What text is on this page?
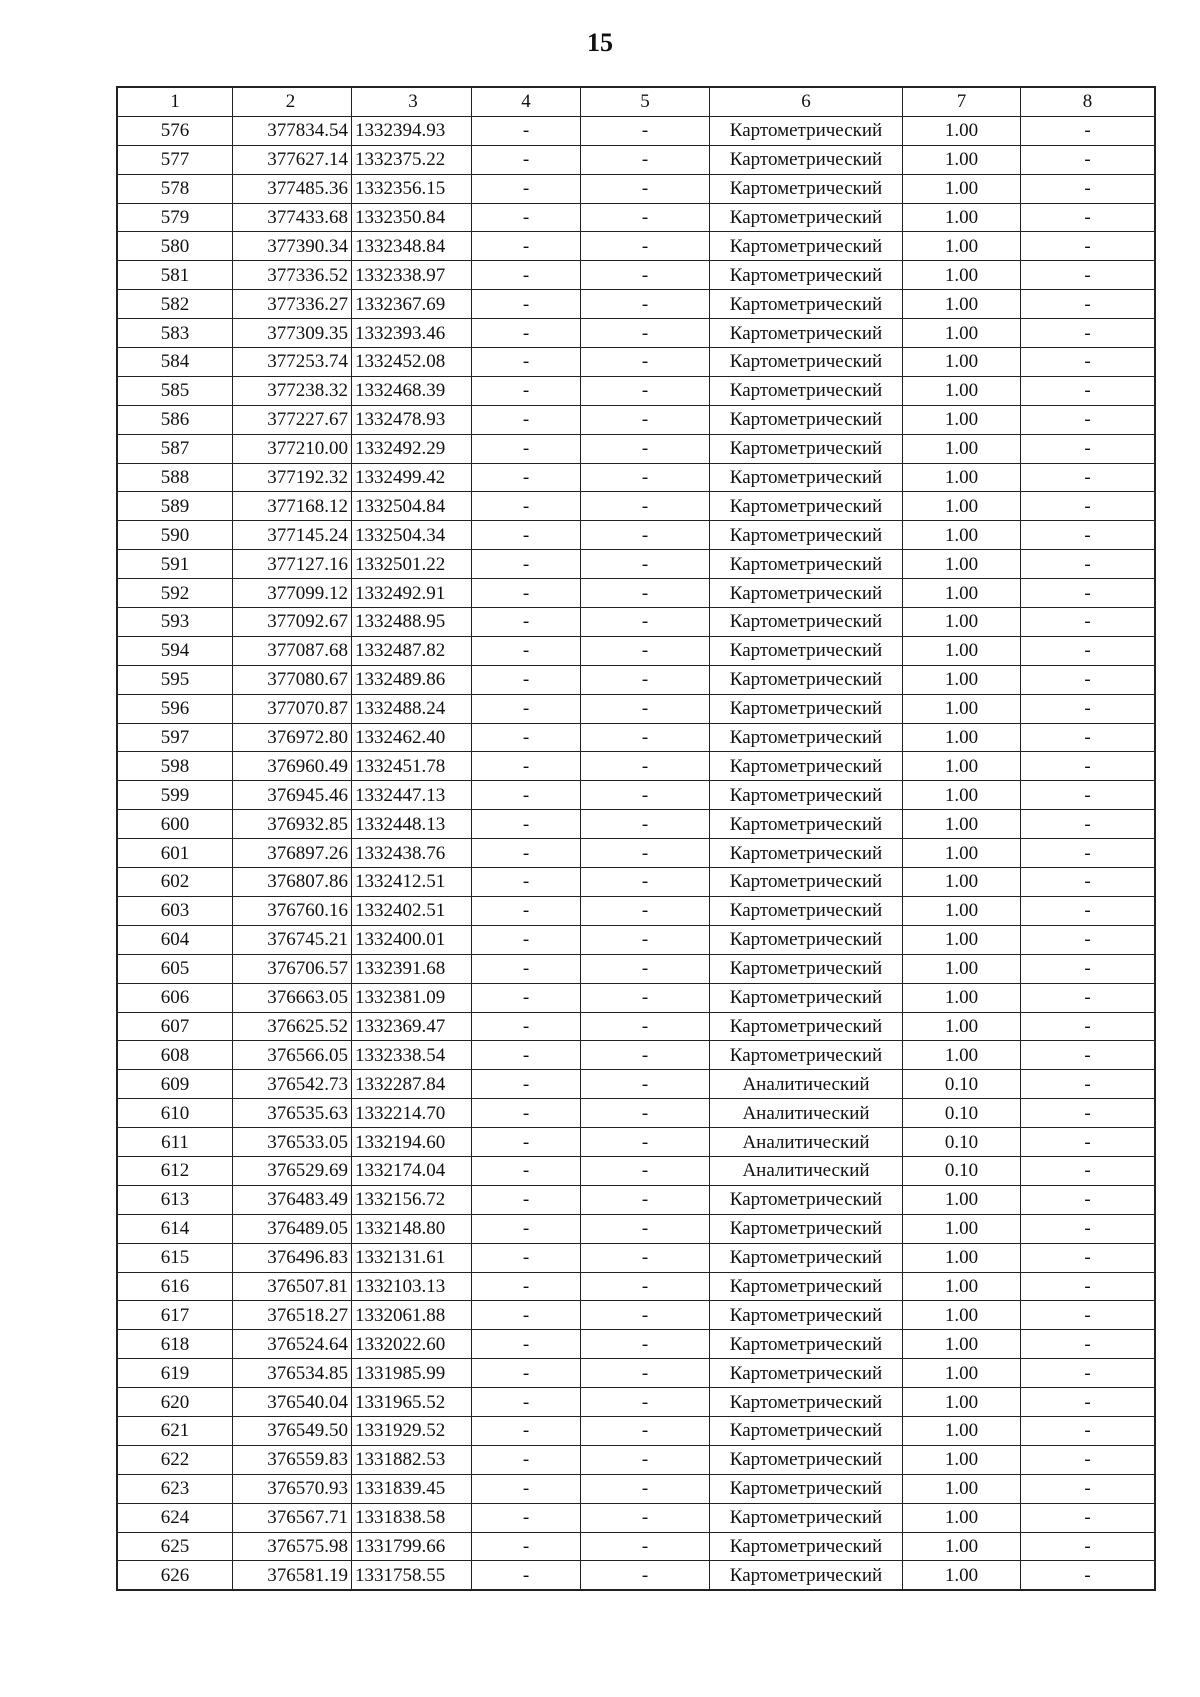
15
1	2	3	4	5	6	7	8
576	377834.54	1332394.93	-	-	Картометрический	1.00	-
577	377627.14	1332375.22	-	-	Картометрический	1.00	-
578	377485.36	1332356.15	-	-	Картометрический	1.00	-
579	377433.68	1332350.84	-	-	Картометрический	1.00	-
580	377390.34	1332348.84	-	-	Картометрический	1.00	-
581	377336.52	1332338.97	-	-	Картометрический	1.00	-
582	377336.27	1332367.69	-	-	Картометрический	1.00	-
583	377309.35	1332393.46	-	-	Картометрический	1.00	-
584	377253.74	1332452.08	-	-	Картометрический	1.00	-
585	377238.32	1332468.39	-	-	Картометрический	1.00	-
586	377227.67	1332478.93	-	-	Картометрический	1.00	-
587	377210.00	1332492.29	-	-	Картометрический	1.00	-
588	377192.32	1332499.42	-	-	Картометрический	1.00	-
589	377168.12	1332504.84	-	-	Картометрический	1.00	-
590	377145.24	1332504.34	-	-	Картометрический	1.00	-
591	377127.16	1332501.22	-	-	Картометрический	1.00	-
592	377099.12	1332492.91	-	-	Картометрический	1.00	-
593	377092.67	1332488.95	-	-	Картометрический	1.00	-
594	377087.68	1332487.82	-	-	Картометрический	1.00	-
595	377080.67	1332489.86	-	-	Картометрический	1.00	-
596	377070.87	1332488.24	-	-	Картометрический	1.00	-
597	376972.80	1332462.40	-	-	Картометрический	1.00	-
598	376960.49	1332451.78	-	-	Картометрический	1.00	-
599	376945.46	1332447.13	-	-	Картометрический	1.00	-
600	376932.85	1332448.13	-	-	Картометрический	1.00	-
601	376897.26	1332438.76	-	-	Картометрический	1.00	-
602	376807.86	1332412.51	-	-	Картометрический	1.00	-
603	376760.16	1332402.51	-	-	Картометрический	1.00	-
604	376745.21	1332400.01	-	-	Картометрический	1.00	-
605	376706.57	1332391.68	-	-	Картометрический	1.00	-
606	376663.05	1332381.09	-	-	Картометрический	1.00	-
607	376625.52	1332369.47	-	-	Картометрический	1.00	-
608	376566.05	1332338.54	-	-	Картометрический	1.00	-
609	376542.73	1332287.84	-	-	Аналитический	0.10	-
610	376535.63	1332214.70	-	-	Аналитический	0.10	-
611	376533.05	1332194.60	-	-	Аналитический	0.10	-
612	376529.69	1332174.04	-	-	Аналитический	0.10	-
613	376483.49	1332156.72	-	-	Картометрический	1.00	-
614	376489.05	1332148.80	-	-	Картометрический	1.00	-
615	376496.83	1332131.61	-	-	Картометрический	1.00	-
616	376507.81	1332103.13	-	-	Картометрический	1.00	-
617	376518.27	1332061.88	-	-	Картометрический	1.00	-
618	376524.64	1332022.60	-	-	Картометрический	1.00	-
619	376534.85	1331985.99	-	-	Картометрический	1.00	-
620	376540.04	1331965.52	-	-	Картометрический	1.00	-
621	376549.50	1331929.52	-	-	Картометрический	1.00	-
622	376559.83	1331882.53	-	-	Картометрический	1.00	-
623	376570.93	1331839.45	-	-	Картометрический	1.00	-
624	376567.71	1331838.58	-	-	Картометрический	1.00	-
625	376575.98	1331799.66	-	-	Картометрический	1.00	-
626	376581.19	1331758.55	-	-	Картометрический	1.00	-
